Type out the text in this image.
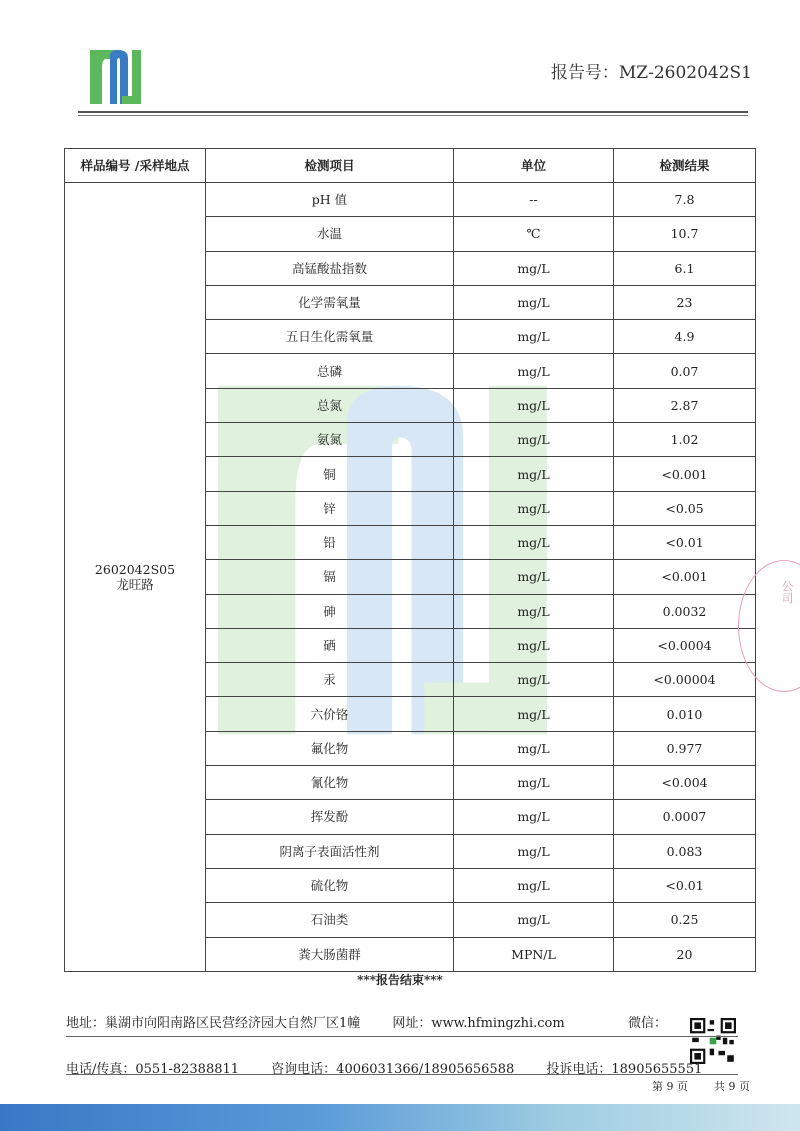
报告号：MZ-2602042S1
样品编号 /采样地点	检测项目	单位	检测结果

2602042S05
龙旺路	pH 值	--	7.8
	水温	℃	10.7
	高锰酸盐指数	mg/L	6.1
	化学需氧量	mg/L	23
	五日生化需氧量	mg/L	4.9
	总磷	mg/L	0.07
	总氮	mg/L	2.87
	氨氮	mg/L	1.02
	铜	mg/L	<0.001
	锌	mg/L	<0.05
	铅	mg/L	<0.01
	镉	mg/L	<0.001
	砷	mg/L	0.0032
	硒	mg/L	<0.0004
	汞	mg/L	<0.00004
	六价铬	mg/L	0.010
	氟化物	mg/L	0.977
	氰化物	mg/L	<0.004
	挥发酚	mg/L	0.0007
	阴离子表面活性剂	mg/L	0.083
	硫化物	mg/L	<0.01
	石油类	mg/L	0.25
	粪大肠菌群	MPN/L	20
***报告结束***
地址：巢湖市向阳南路区民营经济园大自然厂区1幢 网址：www.hfmingzhi.com	微信：
电话/传真：0551-82388811 咨询电话：4006031366/18905656588 投诉电话：18905655551
第 9 页 共 9 页
公司
